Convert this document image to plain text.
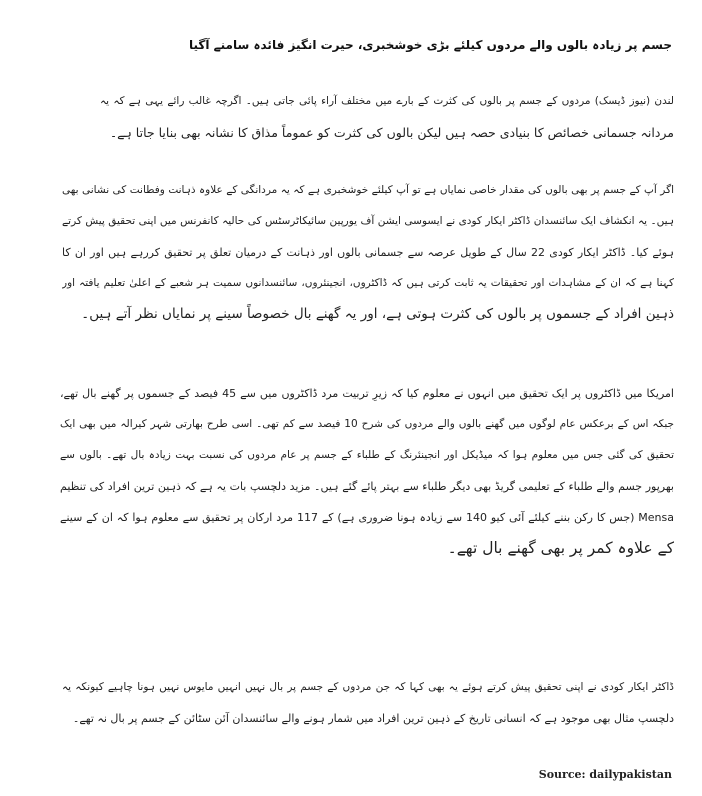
جسم پر زیادہ بالوں والے مردوں کیلئے بڑی خوشخبری، حیرت انگیز فائدہ سامنے آگیا

لندن (نیوز ڈیسک) مردوں کے جسم پر بالوں کی کثرت کے بارے میں مختلف آراء پائی جاتی ہیں۔ اگرچہ غالب رائے یہی ہے کہ یہ
مردانہ جسمانی خصائص کا بنیادی حصہ ہیں لیکن بالوں کی کثرت کو عموماً مذاق کا نشانہ بھی بنایا جاتا ہے۔

اگر آپ کے جسم پر بھی بالوں کی مقدار خاصی نمایاں ہے تو آپ کیلئے خوشخبری ہے کہ یہ مردانگی کے علاوہ ذہانت وفطانت کی نشانی بھی
ہیں۔ یہ انکشاف ایک سائنسدان ڈاکٹر ایکار کودی نے ایسوسی ایشن آف یورپین سائیکاٹرسٹس کی حالیہ کانفرنس میں اپنی تحقیق پیش کرتے
ہوئے کیا۔ ڈاکٹر ایکار کودی 22 سال کے طویل عرصہ سے جسمانی بالوں اور ذہانت کے درمیان تعلق پر تحقیق کررہے ہیں اور ان کا
کہنا ہے کہ ان کے مشاہدات اور تحقیقات یہ ثابت کرتی ہیں کہ ڈاکٹروں، انجینئروں، سائنسدانوں سمیت ہر شعبے کے اعلیٰ تعلیم یافتہ اور
ذہین افراد کے جسموں پر بالوں کی کثرت ہوتی ہے، اور یہ گھنے بال خصوصاً سینے پر نمایاں نظر آتے ہیں۔

امریکا میں ڈاکٹروں پر ایک تحقیق میں انہوں نے معلوم کیا کہ زیرِ تربیت مرد ڈاکٹروں میں سے 45 فیصد کے جسموں پر گھنے بال تھے،
جبکہ اس کے برعکس عام لوگوں میں گھنے بالوں والے مردوں کی شرح 10 فیصد سے کم تھی۔ اسی طرح بھارتی شہر کیرالہ میں بھی ایک
تحقیق کی گئی جس میں معلوم ہوا کہ میڈیکل اور انجینئرنگ کے طلباء کے جسم پر عام مردوں کی نسبت بہت زیادہ بال تھے۔ بالوں سے
بھرپور جسم والے طلباء کے تعلیمی گریڈ بھی دیگر طلباء سے بہتر پائے گئے ہیں۔ مزید دلچسپ بات یہ ہے کہ ذہین ترین افراد کی تنظیم
Mensa (جس کا رکن بننے کیلئے آئی کیو 140 سے زیادہ ہونا ضروری ہے) کے 117 مرد ارکان پر تحقیق سے معلوم ہوا کہ ان کے سینے
کے علاوہ کمر پر بھی گھنے بال تھے۔

ڈاکٹر ایکار کودی نے اپنی تحقیق پیش کرتے ہوئے یہ بھی کہا کہ جن مردوں کے جسم پر بال نہیں انہیں مایوس نہیں ہونا چاہیے کیونکہ یہ
دلچسپ مثال بھی موجود ہے کہ انسانی تاریخ کے ذہین ترین افراد میں شمار ہونے والے سائنسدان آئن سٹائن کے جسم پر بال نہ تھے۔

Source: dailypakistan
